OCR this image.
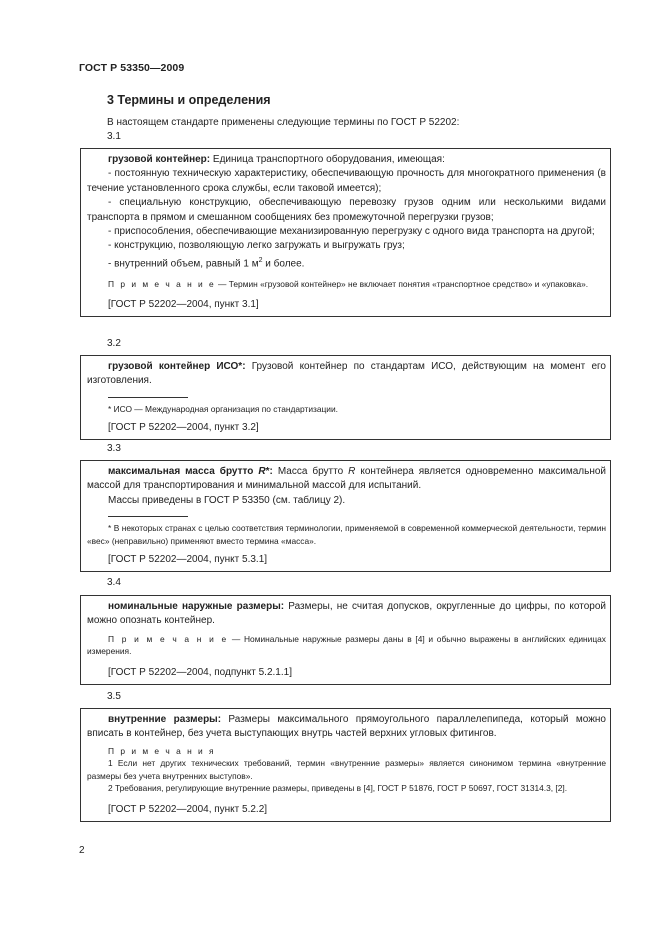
ГОСТ Р 53350—2009
3 Термины и определения
В настоящем стандарте применены следующие термины по ГОСТ Р 52202:
3.1

грузовой контейнер: Единица транспортного оборудования, имеющая:

- постоянную техническую характеристику, обеспечивающую прочность для многократного применения (в течение установленного срока службы, если таковой имеется);

- специальную конструкцию, обеспечивающую перевозку грузов одним или несколькими видами транспорта в прямом и смешанном сообщениях без промежуточной перегрузки грузов;

- приспособления, обеспечивающие механизированную перегрузку с одного вида транспорта на другой;

- конструкцию, позволяющую легко загружать и выгружать груз;

- внутренний объем, равный 1 $м^2$ и более.

П р и м е ч а н и е — Термин «грузовой контейнер» не включает понятия «транспортное средство» и «упаковка».

[ГОСТ Р 52202—2004, пункт 3.1]

3.2

грузовой контейнер ИСО*: Грузовой контейнер по стандартам ИСО, действующим на момент его изготовления.

* ИСО — Международная организация по стандартизации.

[ГОСТ Р 52202—2004, пункт 3.2]

3.3

максимальная масса брутто R*: Масса брутто R контейнера является одновременно максимальной массой для транспортирования и минимальной массой для испытаний.

Массы приведены в ГОСТ Р 53350 (см. таблицу 2).

* В некоторых странах с целью соответствия терминологии, применяемой в современной коммерческой деятельности, термин «вес» (неправильно) применяют вместо термина «масса».

[ГОСТ Р 52202—2004, пункт 5.3.1]

3.4

номинальные наружные размеры: Размеры, не считая допусков, округленные до цифры, по которой можно опознать контейнер.

П р и м е ч а н и е — Номинальные наружные размеры даны в [4] и обычно выражены в английских единицах измерения.

[ГОСТ Р 52202—2004, подпункт 5.2.1.1]

3.5

внутренние размеры: Размеры максимального прямоугольного параллелепипеда, который можно вписать в контейнер, без учета выступающих внутрь частей верхних угловых фитингов.

П р и м е ч а н и я

1 Если нет других технических требований, термин «внутренние размеры» является синонимом термина «внутренние размеры без учета внутренних выступов».

2 Требования, регулирующие внутренние размеры, приведены в [4], ГОСТ Р 51876, ГОСТ Р 50697, ГОСТ 31314.3, [2].

[ГОСТ Р 52202—2004, пункт 5.2.2]

2
